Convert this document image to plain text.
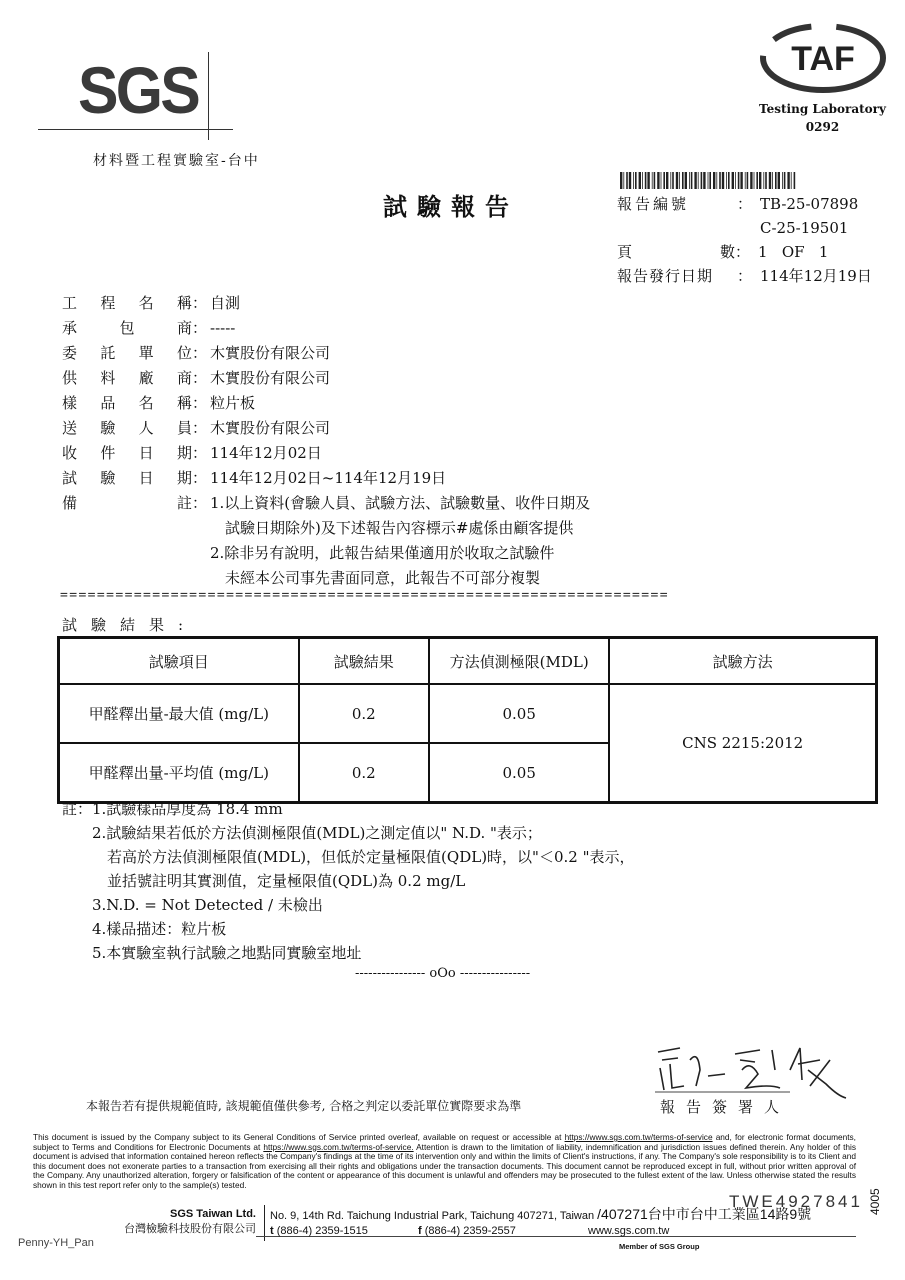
SGS
材料暨工程實驗室-台中
TAF
Testing Laboratory
0292
試驗報告	報告編號	： TB-25-07898

C-25-19501
頁	數 ： 1   OF   1
報告發行日期	： 114年12月19日
工 程 名 稱 ： 自測
承	包	商 ： -----
委 託 單 位 ： 木實股份有限公司
供 料 廠 商 ： 木實股份有限公司
樣 品 名 稱 ： 粒片板
送 驗 人 員 ： 木實股份有限公司
收 件 日 期 ： 114年12月02日
試 驗 日 期 ： 114年12月02日~114年12月19日
備	註 ： 1.以上資料(會驗人員、試驗方法、試驗數量、收件日期及
　試驗日期除外)及下述報告內容標示#處係由顧客提供
2.除非另有說明，此報告結果僅適用於收取之試驗件
　未經本公司事先書面同意，此報告不可部分複製
==================================================================
試驗結果:
試驗項目	試驗結果	方法偵測極限(MDL)	試驗方法
甲醛釋出量-最大值 (mg/L)	0.2	0.05	CNS 2215:2012
甲醛釋出量-平均值 (mg/L)	0.2	0.05	
註：1.試驗樣品厚度為 18.4 mm
　　2.試驗結果若低於方法偵測極限值(MDL)之測定值以" N.D. "表示；
　　　若高於方法偵測極限值(MDL)，但低於定量極限值(QDL)時，以"＜0.2 "表示，
　　　並括號註明其實測值，定量極限值(QDL)為 0.2 mg/L
　　3.N.D. = Not Detected / 未檢出
　　4.樣品描述：粒片板
　　5.本實驗室執行試驗之地點同實驗室地址
---------------- oOo ----------------
本報告若有提供規範值時, 該規範值僅供參考, 合格之判定以委託單位實際要求為準	報告簽署人
This document is issued by the Company subject to its General Conditions of Service printed overleaf, available on request or accessible at https://www.sgs.com.tw/terms-of-service and, for electronic format documents, subject to Terms and Conditions for Electronic Documents at https://www.sgs.com.tw/terms-of-service. Attention is drawn to the limitation of liability, indemnification and jurisdiction issues defined therein. Any holder of this document is advised that information contained hereon reflects the Company's findings at the time of its intervention only and within the limits of Client's instructions, if any. The Company's sole responsibility is to its Client and this document does not exonerate parties to a transaction from exercising all their rights and obligations under the transaction documents. This document cannot be reproduced except in full, without prior written approval of the Company. Any unauthorized alteration, forgery or falsification of the content or appearance of this document is unlawful and offenders may be prosecuted to the fullest extent of the law. Unless otherwise stated the results shown in this test report refer only to the sample(s) tested.
TWE4927841 4005
SGS Taiwan Ltd.
台灣檢驗科技股份有限公司
No. 9, 14th Rd. Taichung Industrial Park, Taichung 407271, Taiwan /407271台中市台中工業區14路9號
t (886-4) 2359-1515	f (886-4) 2359-2557	www.sgs.com.tw
Member of SGS Group
Penny-YH_Pan
